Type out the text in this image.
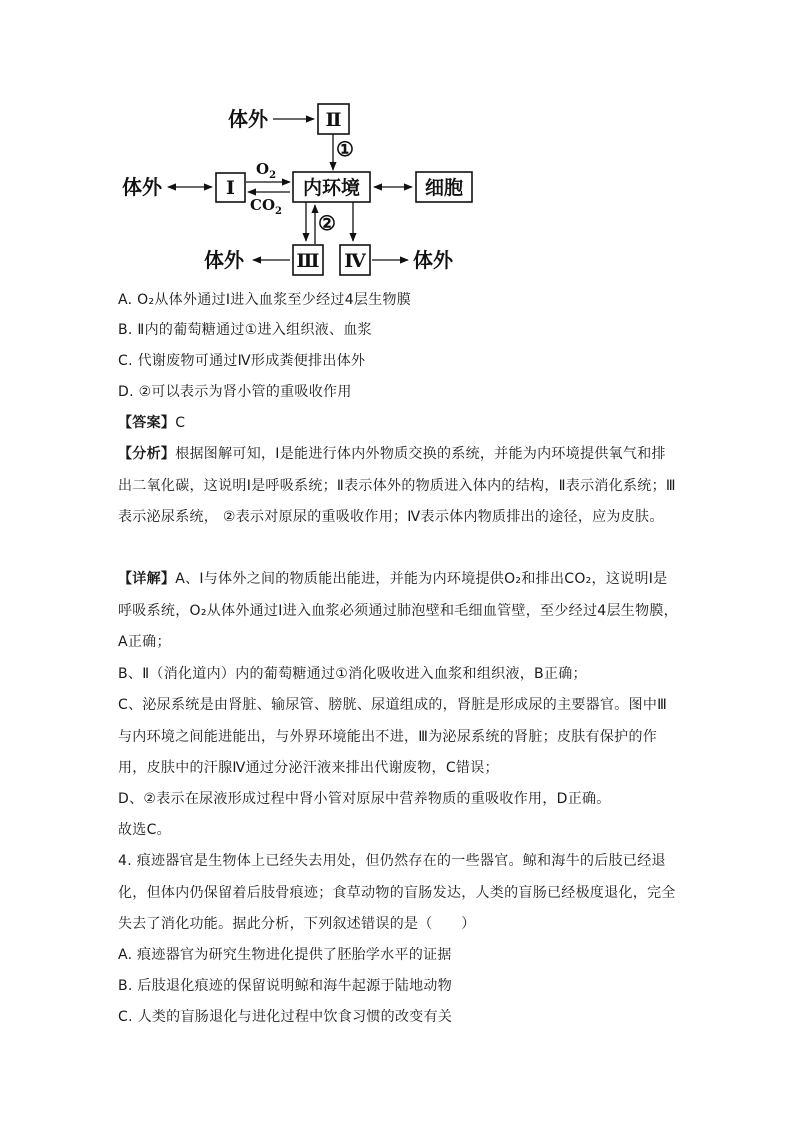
体外	Ⅱ
①
体外	Ⅰ
$O_2$
$CO_2$
内环境	细胞
②
Ⅲ Ⅳ
体外	体外

A. O₂从体外通过Ⅰ进入血浆至少经过4层生物膜

B. Ⅱ内的葡萄糖通过①进入组织液、血浆

C. 代谢废物可通过Ⅳ形成粪便排出体外

D. ②可以表示为肾小管的重吸收作用

【答案】C

【分析】根据图解可知，Ⅰ是能进行体内外物质交换的系统，并能为内环境提供氧气和排出二氧化碳，这说明Ⅰ是呼吸系统；Ⅱ表示体外的物质进入体内的结构，Ⅱ表示消化系统；Ⅲ表示泌尿系统， ②表示对原尿的重吸收作用；Ⅳ表示体内物质排出的途径，应为皮肤。

【详解】A、Ⅰ与体外之间的物质能出能进，并能为内环境提供O₂和排出CO₂，这说明Ⅰ是呼吸系统，O₂从体外通过Ⅰ进入血浆必须通过肺泡壁和毛细血管壁，至少经过4层生物膜，A正确；

B、Ⅱ（消化道内）内的葡萄糖通过①消化吸收进入血浆和组织液，B正确；

C、泌尿系统是由肾脏、输尿管、膀胱、尿道组成的，肾脏是形成尿的主要器官。图中Ⅲ与内环境之间能进能出，与外界环境能出不进，Ⅲ为泌尿系统的肾脏；皮肤有保护的作用，皮肤中的汗腺Ⅳ通过分泌汗液来排出代谢废物，C错误；

D、②表示在尿液形成过程中肾小管对原尿中营养物质的重吸收作用，D正确。

故选C。

4. 痕迹器官是生物体上已经失去用处，但仍然存在的一些器官。鲸和海牛的后肢已经退化，但体内仍保留着后肢骨痕迹；食草动物的盲肠发达，人类的盲肠已经极度退化，完全失去了消化功能。据此分析，下列叙述错误的是（　　）

A. 痕迹器官为研究生物进化提供了胚胎学水平的证据

B. 后肢退化痕迹的保留说明鲸和海牛起源于陆地动物

C. 人类的盲肠退化与进化过程中饮食习惯的改变有关
